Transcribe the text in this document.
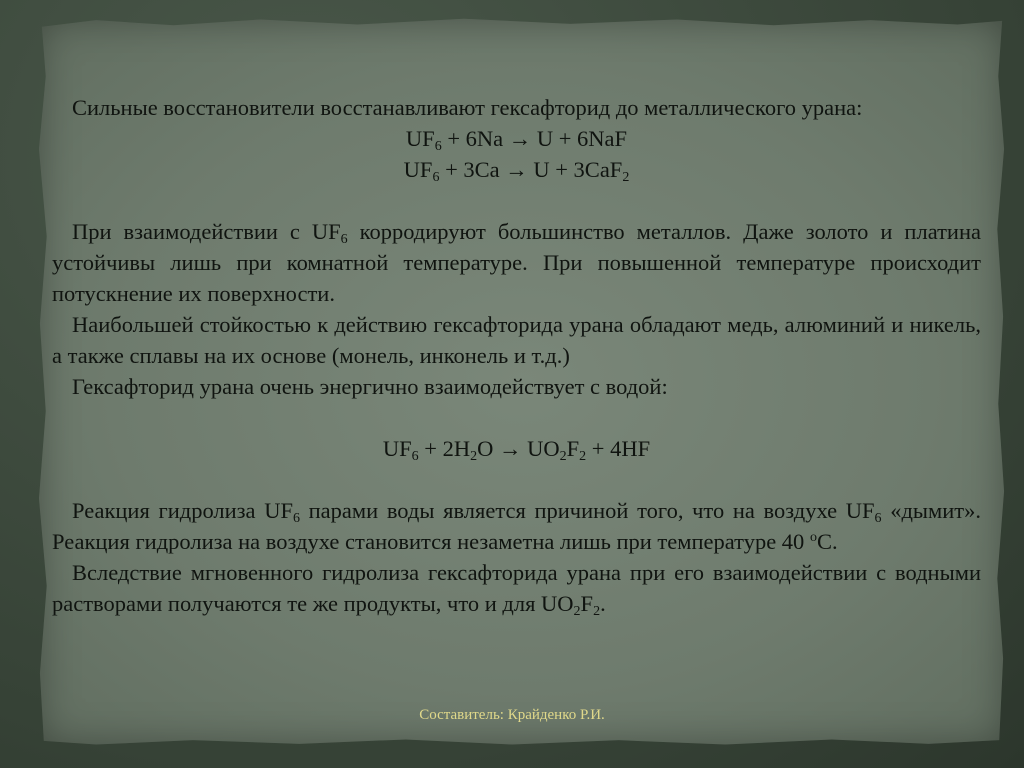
Сильные восстановители восстанавливают гексафторид до металлического урана:

$UF_6 + 6Na \to U + 6NaF$

$UF_6 + 3Ca \to U + 3CaF_2$

При взаимодействии с $UF_6$ корродируют большинство металлов. Даже золото и платина устойчивы лишь при комнатной температуре. При повышенной температуре происходит потускнение их поверхности.

Наибольшей стойкостью к действию гексафторида урана обладают медь, алюминий и никель, а также сплавы на их основе (монель, инконель и т.д.)

Гексафторид урана очень энергично взаимодействует с водой:

$UF_6 + 2H_2O \to UO_2F_2 + 4HF$

Реакция гидролиза $UF_6$ парами воды является причиной того, что на воздухе $UF_6$ «дымит». Реакция гидролиза на воздухе становится незаметна лишь при температуре 40 $^о$С.

Вследствие мгновенного гидролиза гексафторида урана при его взаимодействии с водными растворами получаются те же продукты, что и для $UO_2F_2$.

Составитель: Крайденко Р.И.
